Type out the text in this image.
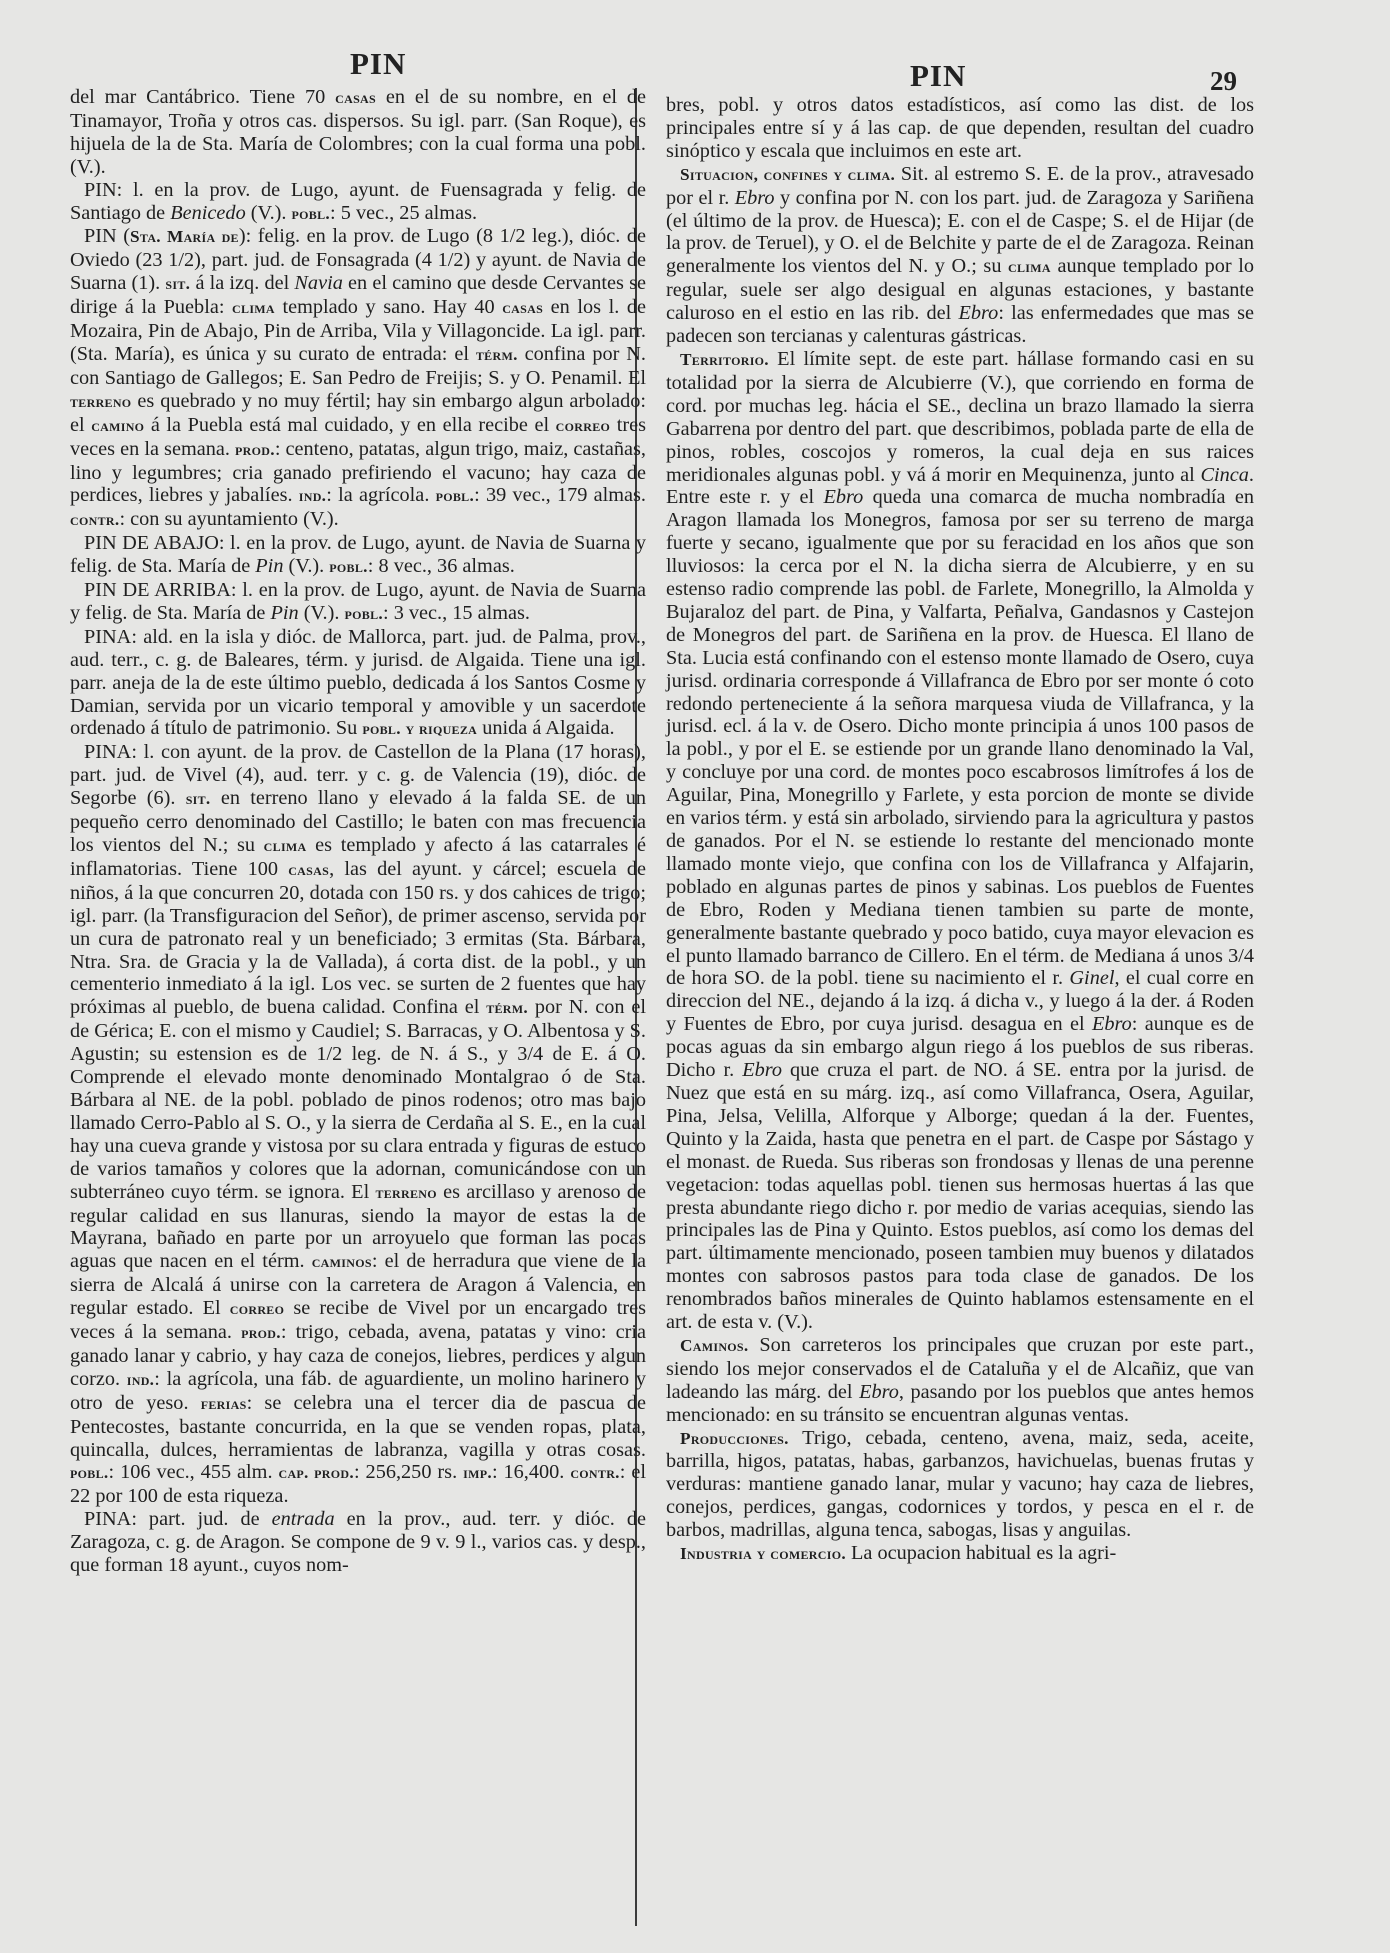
PIN	PIN	29

del mar Cantábrico. Tiene 70 casas en el de su nombre, en el de Tinamayor, Troña y otros cas. dispersos. Su igl. parr. (San Roque), es hijuela de la de Sta. María de Colombres; con la cual forma una pobl. (V.).

PIN: l. en la prov. de Lugo, ayunt. de Fuensagrada y felig. de Santiago de Benicedo (V.). pobl.: 5 vec., 25 almas.

PIN (Sta. María de): felig. en la prov. de Lugo (8 1/2 leg.), dióc. de Oviedo (23 1/2), part. jud. de Fonsagrada (4 1/2) y ayunt. de Navia de Suarna (1). sit. á la izq. del Navia en el camino que desde Cervantes se dirige á la Puebla: clima templado y sano. Hay 40 casas en los l. de Mozaira, Pin de Abajo, Pin de Arriba, Vila y Villagoncide. La igl. parr. (Sta. María), es única y su curato de entrada: el térm. confina por N. con Santiago de Gallegos; E. San Pedro de Freijis; S. y O. Penamil. El terreno es quebrado y no muy fértil; hay sin embargo algun arbolado: el camino á la Puebla está mal cuidado, y en ella recibe el correo tres veces en la semana. prod.: centeno, patatas, algun trigo, maiz, castañas, lino y legumbres; cria ganado prefiriendo el vacuno; hay caza de perdices, liebres y jabalíes. ind.: la agrícola. pobl.: 39 vec., 179 almas. contr.: con su ayuntamiento (V.).

PIN DE ABAJO: l. en la prov. de Lugo, ayunt. de Navia de Suarna y felig. de Sta. María de Pin (V.). pobl.: 8 vec., 36 almas.

PIN DE ARRIBA: l. en la prov. de Lugo, ayunt. de Navia de Suarna y felig. de Sta. María de Pin (V.). pobl.: 3 vec., 15 almas.

PINA: ald. en la isla y dióc. de Mallorca, part. jud. de Palma, prov., aud. terr., c. g. de Baleares, térm. y jurisd. de Algaida. Tiene una igl. parr. aneja de la de este último pueblo, dedicada á los Santos Cosme y Damian, servida por un vicario temporal y amovible y un sacerdote ordenado á título de patrimonio. Su pobl. y riqueza unida á Algaida.

PINA: l. con ayunt. de la prov. de Castellon de la Plana (17 horas), part. jud. de Vivel (4), aud. terr. y c. g. de Valencia (19), dióc. de Segorbe (6). sit. en terreno llano y elevado á la falda SE. de un pequeño cerro denominado del Castillo; le baten con mas frecuencia los vientos del N.; su clima es templado y afecto á las catarrales é inflamatorias. Tiene 100 casas, las del ayunt. y cárcel; escuela de niños, á la que concurren 20, dotada con 150 rs. y dos cahices de trigo; igl. parr. (la Transfiguracion del Señor), de primer ascenso, servida por un cura de patronato real y un beneficiado; 3 ermitas (Sta. Bárbara, Ntra. Sra. de Gracia y la de Vallada), á corta dist. de la pobl., y un cementerio inmediato á la igl. Los vec. se surten de 2 fuentes que hay próximas al pueblo, de buena calidad. Confina el térm. por N. con el de Gérica; E. con el mismo y Caudiel; S. Barracas, y O. Albentosa y S. Agustin; su estension es de 1/2 leg. de N. á S., y 3/4 de E. á O. Comprende el elevado monte denominado Montalgrao ó de Sta. Bárbara al NE. de la pobl. poblado de pinos rodenos; otro mas bajo llamado Cerro-Pablo al S. O., y la sierra de Cerdaña al S. E., en la cual hay una cueva grande y vistosa por su clara entrada y figuras de estuco de varios tamaños y colores que la adornan, comunicándose con un subterráneo cuyo térm. se ignora. El terreno es arcillaso y arenoso de regular calidad en sus llanuras, siendo la mayor de estas la de Mayrana, bañado en parte por un arroyuelo que forman las pocas aguas que nacen en el térm. caminos: el de herradura que viene de la sierra de Alcalá á unirse con la carretera de Aragon á Valencia, en regular estado. El correo se recibe de Vivel por un encargado tres veces á la semana. prod.: trigo, cebada, avena, patatas y vino: cria ganado lanar y cabrio, y hay caza de conejos, liebres, perdices y algun corzo. ind.: la agrícola, una fáb. de aguardiente, un molino harinero y otro de yeso. ferias: se celebra una el tercer dia de pascua de Pentecostes, bastante concurrida, en la que se venden ropas, plata, quincalla, dulces, herramientas de labranza, vagilla y otras cosas. pobl.: 106 vec., 455 alm. cap. prod.: 256,250 rs. imp.: 16,400. contr.: el 22 por 100 de esta riqueza.

PINA: part. jud. de entrada en la prov., aud. terr. y dióc. de Zaragoza, c. g. de Aragon. Se compone de 9 v. 9 l., varios cas. y desp., que forman 18 ayunt., cuyos nom-

bres, pobl. y otros datos estadísticos, así como las dist. de los principales entre sí y á las cap. de que dependen, resultan del cuadro sinóptico y escala que incluimos en este art.

Situacion, confines y clima. Sit. al estremo S. E. de la prov., atravesado por el r. Ebro y confina por N. con los part. jud. de Zaragoza y Sariñena (el último de la prov. de Huesca); E. con el de Caspe; S. el de Hijar (de la prov. de Teruel), y O. el de Belchite y parte de el de Zaragoza. Reinan generalmente los vientos del N. y O.; su clima aunque templado por lo regular, suele ser algo desigual en algunas estaciones, y bastante caluroso en el estio en las rib. del Ebro: las enfermedades que mas se padecen son tercianas y calenturas gástricas.

Territorio. El límite sept. de este part. hállase formando casi en su totalidad por la sierra de Alcubierre (V.), que corriendo en forma de cord. por muchas leg. hácia el SE., declina un brazo llamado la sierra Gabarrena por dentro del part. que describimos, poblada parte de ella de pinos, robles, coscojos y romeros, la cual deja en sus raices meridionales algunas pobl. y vá á morir en Mequinenza, junto al Cinca. Entre este r. y el Ebro queda una comarca de mucha nombradía en Aragon llamada los Monegros, famosa por ser su terreno de marga fuerte y secano, igualmente que por su feracidad en los años que son lluviosos: la cerca por el N. la dicha sierra de Alcubierre, y en su estenso radio comprende las pobl. de Farlete, Monegrillo, la Almolda y Bujaraloz del part. de Pina, y Valfarta, Peñalva, Gandasnos y Castejon de Monegros del part. de Sariñena en la prov. de Huesca. El llano de Sta. Lucia está confinando con el estenso monte llamado de Osero, cuya jurisd. ordinaria corresponde á Villafranca de Ebro por ser monte ó coto redondo perteneciente á la señora marquesa viuda de Villafranca, y la jurisd. ecl. á la v. de Osero. Dicho monte principia á unos 100 pasos de la pobl., y por el E. se estiende por un grande llano denominado la Val, y concluye por una cord. de montes poco escabrosos limítrofes á los de Aguilar, Pina, Monegrillo y Farlete, y esta porcion de monte se divide en varios térm. y está sin arbolado, sirviendo para la agricultura y pastos de ganados. Por el N. se estiende lo restante del mencionado monte llamado monte viejo, que confina con los de Villafranca y Alfajarin, poblado en algunas partes de pinos y sabinas. Los pueblos de Fuentes de Ebro, Roden y Mediana tienen tambien su parte de monte, generalmente bastante quebrado y poco batido, cuya mayor elevacion es el punto llamado barranco de Cillero. En el térm. de Mediana á unos 3/4 de hora SO. de la pobl. tiene su nacimiento el r. Ginel, el cual corre en direccion del NE., dejando á la izq. á dicha v., y luego á la der. á Roden y Fuentes de Ebro, por cuya jurisd. desagua en el Ebro: aunque es de pocas aguas da sin embargo algun riego á los pueblos de sus riberas. Dicho r. Ebro que cruza el part. de NO. á SE. entra por la jurisd. de Nuez que está en su márg. izq., así como Villafranca, Osera, Aguilar, Pina, Jelsa, Velilla, Alforque y Alborge; quedan á la der. Fuentes, Quinto y la Zaida, hasta que penetra en el part. de Caspe por Sástago y el monast. de Rueda. Sus riberas son frondosas y llenas de una perenne vegetacion: todas aquellas pobl. tienen sus hermosas huertas á las que presta abundante riego dicho r. por medio de varias acequias, siendo las principales las de Pina y Quinto. Estos pueblos, así como los demas del part. últimamente mencionado, poseen tambien muy buenos y dilatados montes con sabrosos pastos para toda clase de ganados. De los renombrados baños minerales de Quinto hablamos estensamente en el art. de esta v. (V.).

Caminos. Son carreteros los principales que cruzan por este part., siendo los mejor conservados el de Cataluña y el de Alcañiz, que van ladeando las márg. del Ebro, pasando por los pueblos que antes hemos mencionado: en su tránsito se encuentran algunas ventas.

Producciones. Trigo, cebada, centeno, avena, maiz, seda, aceite, barrilla, higos, patatas, habas, garbanzos, havichuelas, buenas frutas y verduras: mantiene ganado lanar, mular y vacuno; hay caza de liebres, conejos, perdices, gangas, codornices y tordos, y pesca en el r. de barbos, madrillas, alguna tenca, sabogas, lisas y anguilas.

Industria y comercio. La ocupacion habitual es la agri-
